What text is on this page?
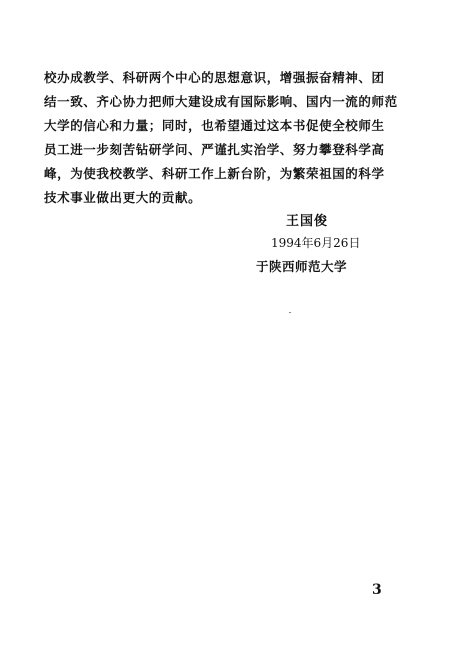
校办成教学、科研两个中心的思想意识，增强振奋精神、团
结一致、齐心协力把师大建设成有国际影响、国内一流的师范
大学的信心和力量；同时，也希望通过这本书促使全校师生
员工进一步刻苦钻研学问、严谨扎实治学、努力攀登科学高
峰，为使我校教学、科研工作上新台阶，为繁荣祖国的科学
技术事业做出更大的贡献。
王国俊
1994年6月26日
于陕西师范大学
3
